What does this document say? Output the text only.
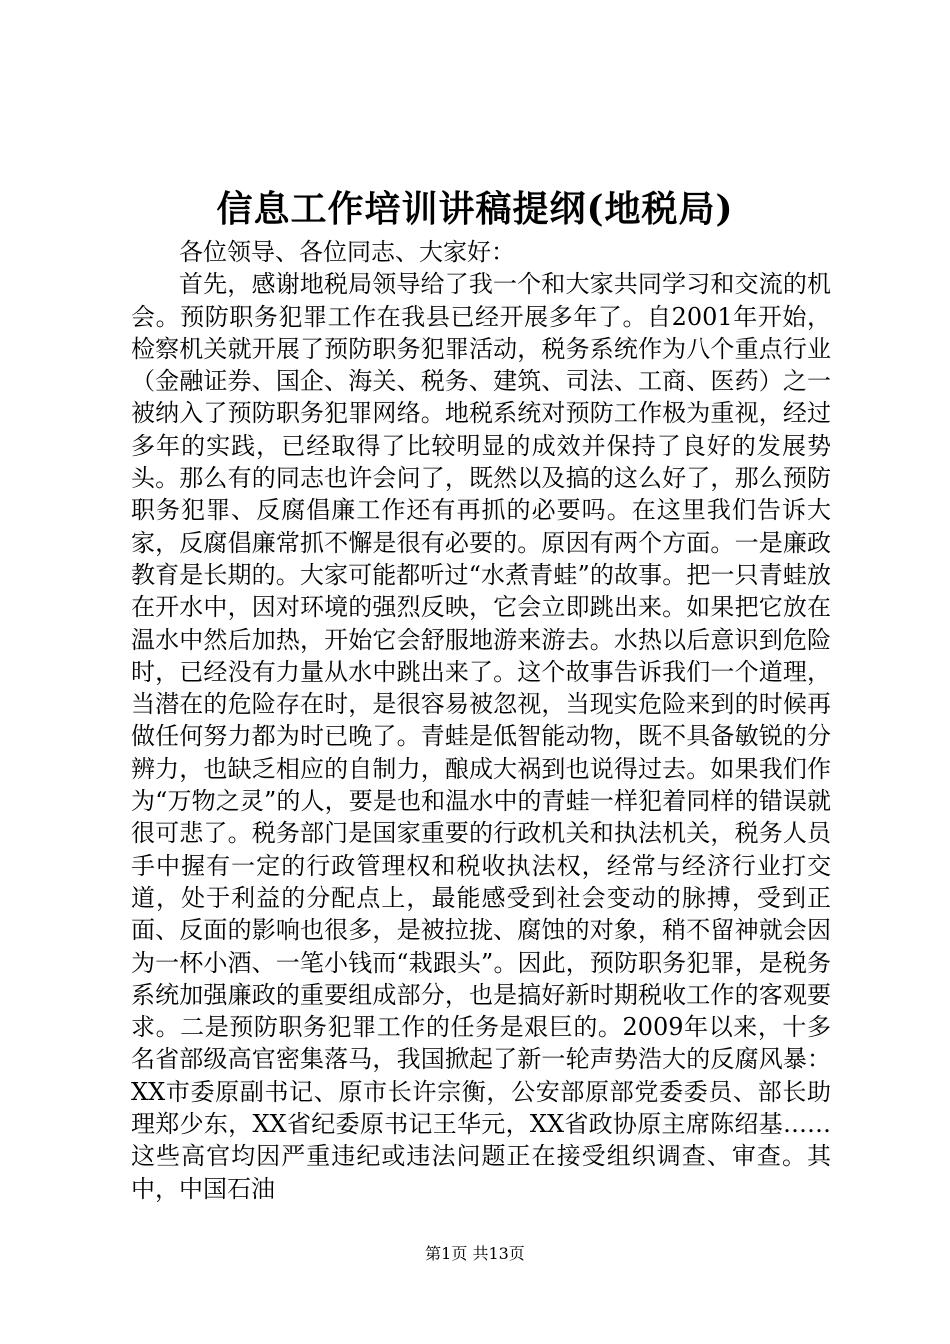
信息工作培训讲稿提纲(地税局)

各位领导、各位同志、大家好：

首先，感谢地税局领导给了我一个和大家共同学习和交流的机会。预防职务犯罪工作在我县已经开展多年了。自2001年开始，检察机关就开展了预防职务犯罪活动，税务系统作为八个重点行业（金融证券、国企、海关、税务、建筑、司法、工商、医药）之一被纳入了预防职务犯罪网络。地税系统对预防工作极为重视，经过多年的实践，已经取得了比较明显的成效并保持了良好的发展势头。那么有的同志也许会问了，既然以及搞的这么好了，那么预防职务犯罪、反腐倡廉工作还有再抓的必要吗。在这里我们告诉大家，反腐倡廉常抓不懈是很有必要的。原因有两个方面。一是廉政教育是长期的。大家可能都听过“水煮青蛙”的故事。把一只青蛙放在开水中，因对环境的强烈反映，它会立即跳出来。如果把它放在温水中然后加热，开始它会舒服地游来游去。水热以后意识到危险时，已经没有力量从水中跳出来了。这个故事告诉我们一个道理，当潜在的危险存在时，是很容易被忽视，当现实危险来到的时候再做任何努力都为时已晚了。青蛙是低智能动物，既不具备敏锐的分辨力，也缺乏相应的自制力，酿成大祸到也说得过去。如果我们作为“万物之灵”的人，要是也和温水中的青蛙一样犯着同样的错误就很可悲了。税务部门是国家重要的行政机关和执法机关，税务人员手中握有一定的行政管理权和税收执法权，经常与经济行业打交道，处于利益的分配点上，最能感受到社会变动的脉搏，受到正面、反面的影响也很多，是被拉拢、腐蚀的对象，稍不留神就会因为一杯小酒、一笔小钱而“栽跟头”。因此，预防职务犯罪，是税务系统加强廉政的重要组成部分，也是搞好新时期税收工作的客观要求。二是预防职务犯罪工作的任务是艰巨的。2009年以来，十多名省部级高官密集落马，我国掀起了新一轮声势浩大的反腐风暴：XX市委原副书记、原市长许宗衡，公安部原部党委委员、部长助理郑少东，XX省纪委原书记王华元，XX省政协原主席陈绍基……这些高官均因严重违纪或违法问题正在接受组织调查、审查。其中，中国石油

第1页 共13页
